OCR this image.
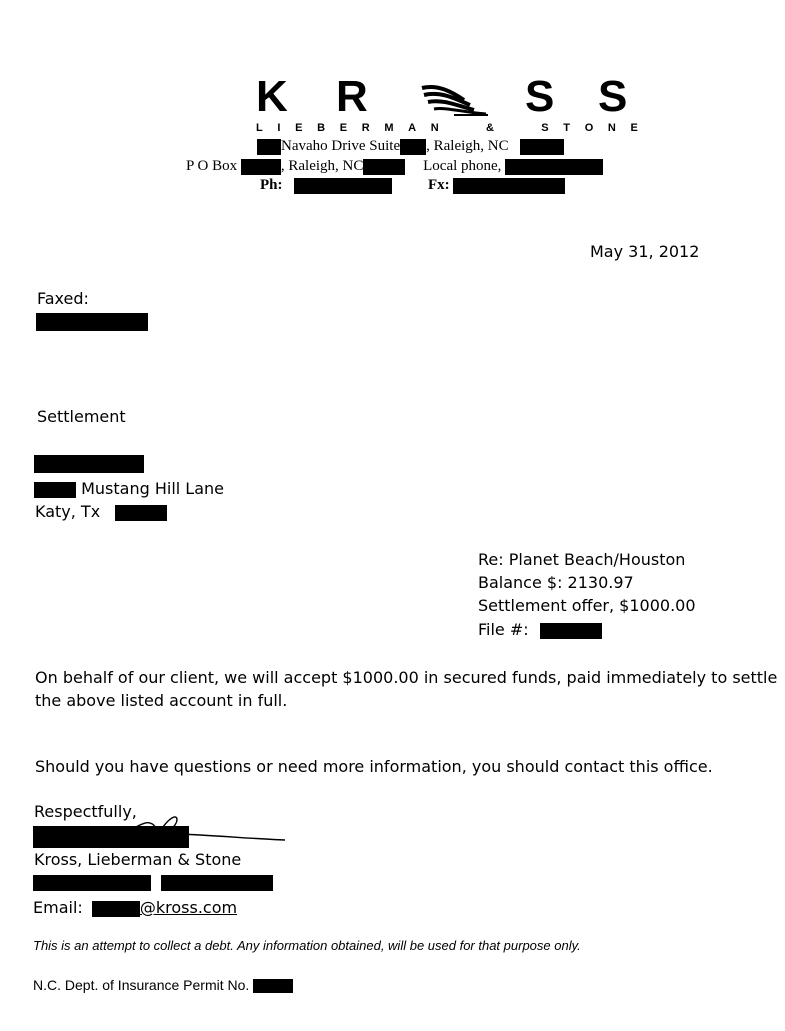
K R	S S
L I E B E R M A N	&	S T O N E
Navaho Drive Suite , Raleigh, NC
P O Box	, Raleigh, NC	Local phone,
Ph:	Fx:
May 31, 2012
Faxed:
Settlement
Mustang Hill Lane
Katy, Tx
Re: Planet Beach/Houston
Balance $: 2130.97
Settlement offer, $1000.00
File #:
On behalf of our client, we will accept $1000.00 in secured funds, paid immediately to settle
the above listed account in full.
Should you have questions or need more information, you should contact this office.
Respectfully,
Kross, Lieberman & Stone
Email:	@kross.com
This is an attempt to collect a debt. Any information obtained, will be used for that purpose only.
N.C. Dept. of Insurance Permit No.
